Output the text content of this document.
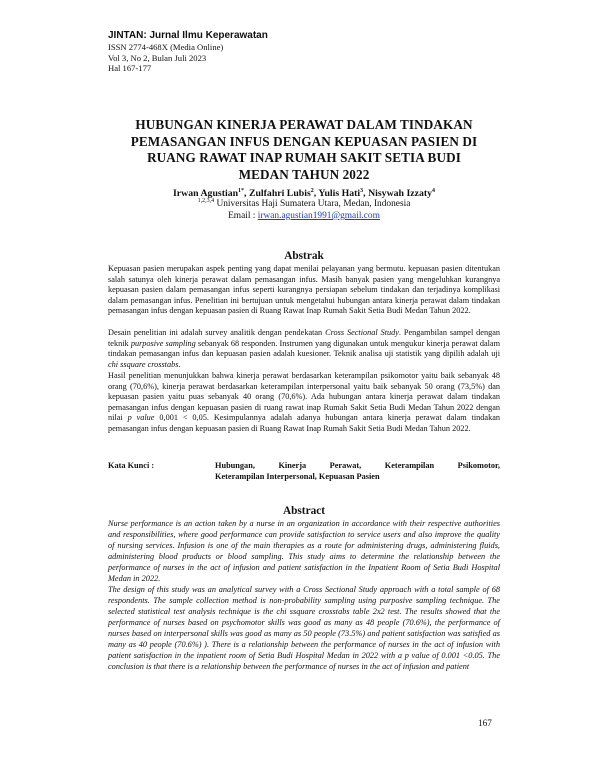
JINTAN: Jurnal Ilmu Keperawatan
ISSN 2774-468X (Media Online)
Vol 3, No 2, Bulan Juli 2023
Hal 167-177
HUBUNGAN KINERJA PERAWAT DALAM TINDAKAN
PEMASANGAN INFUS DENGAN KEPUASAN PASIEN DI
RUANG RAWAT INAP RUMAH SAKIT SETIA BUDI
MEDAN TAHUN 2022
Irwan Agustian$^{1*}$, Zulfahri Lubis$^2$, Yulis Hati$^3$, Nisywah Izzaty$^4$
$^{1,2,3,4}$ Universitas Haji Sumatera Utara, Medan, Indonesia
Email : irwan.agustian1991@gmail.com
Abstrak
Kepuasan pasien merupakan aspek penting yang dapat menilai pelayanan yang bermutu. kepuasan pasien ditentukan salah satunya oleh kinerja perawat dalam pemasangan infus. Masih banyak pasien yang mengeluhkan kurangnya kepuasan pasien dalam pemasangan infus seperti kurangnya persiapan sebelum tindakan dan terjadinya komplikasi dalam pemasangan infus. Penelitian ini bertujuan untuk mengetahui hubungan antara kinerja perawat dalam tindakan pemasangan infus dengan kepuasan pasien di Ruang Rawat Inap Rumah Sakit Setia Budi Medan Tahun 2022.
Desain penelitian ini adalah survey analitik dengan pendekatan Cross Sectional Study. Pengambilan sampel dengan teknik purposive sampling sebanyak 68 responden. Instrumen yang digunakan untuk mengukur kinerja perawat dalam tindakan pemasangan infus dan kepuasan pasien adalah kuesioner. Teknik analisa uji statistik yang dipilih adalah uji chi ssquare crosstabs.
Hasil penelitian menunjukkan bahwa kinerja perawat berdasarkan keterampilan psikomotor yaitu baik sebanyak 48 orang (70,6%), kinerja perawat berdasarkan keterampilan interpersonal yaitu baik sebanyak 50 orang (73,5%) dan kepuasan pasien yaitu puas sebanyak 40 orang (70,6%). Ada hubungan antara kinerja perawat dalam tindakan pemasangan infus dengan kepuasan pasien di ruang rawat inap Rumah Sakit Setia Budi Medan Tahun 2022 dengan nilai p value 0,001 < 0,05. Kesimpulannya adalah adanya hubungan antara kinerja perawat dalam tindakan pemasangan infus dengan kepuasan pasien di Ruang Rawat Inap Rumah Sakit Setia Budi Medan Tahun 2022.
Kata Kunci :	Hubungan, Kinerja Perawat, Keterampilan Psikomotor,
Keterampilan Interpersonal, Kepuasan Pasien
Abstract
Nurse performance is an action taken by a nurse in an organization in accordance with their respective authorities and responsibilities, where good performance can provide satisfaction to service users and also improve the quality of nursing services. Infusion is one of the main therapies as a route for administering drugs, administering fluids, administering blood products or blood sampling. This study aims to determine the relationship between the performance of nurses in the act of infusion and patient satisfaction in the Inpatient Room of Setia Budi Hospital Medan in 2022.
The design of this study was an analytical survey with a Cross Sectional Study approach with a total sample of 68 respondents. The sample collection method is non-probability sampling using purposive sampling technique. The selected statistical test analysis technique is the chi ssquare crosstabs table 2x2 test. The results showed that the performance of nurses based on psychomotor skills was good as many as 48 people (70.6%), the performance of nurses based on interpersonal skills was good as many as 50 people (73.5%) and patient satisfaction was satisfied as many as 40 people (70.6%) ). There is a relationship between the performance of nurses in the act of infusion with patient satisfaction in the inpatient room of Setia Budi Hospital Medan in 2022 with a p value of 0.001 <0.05. The conclusion is that there is a relationship between the performance of nurses in the act of infusion and patient
167
